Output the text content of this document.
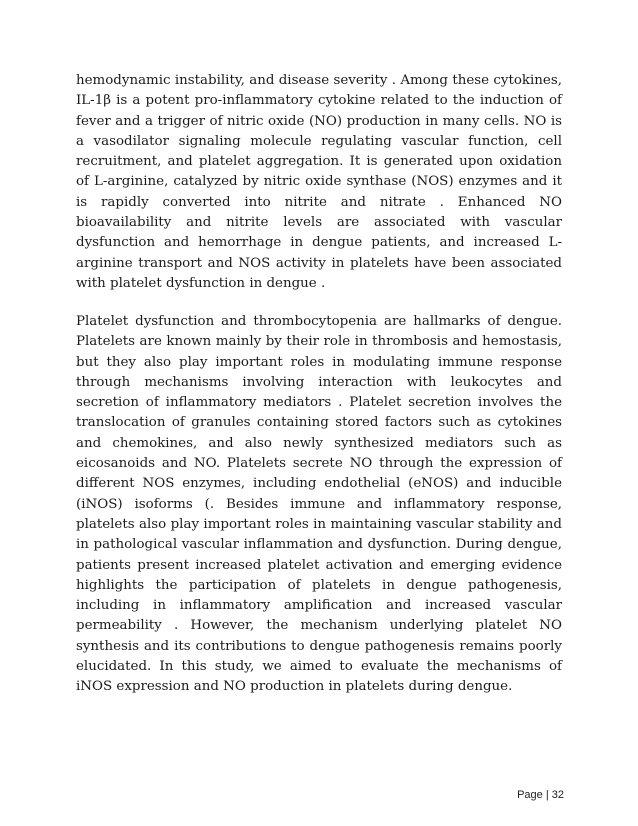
hemodynamic instability, and disease severity . Among these cytokines, IL-1β is a potent pro-inflammatory cytokine related to the induction of fever and a trigger of nitric oxide (NO) production in many cells. NO is a vasodilator signaling molecule regulating vascular function, cell recruitment, and platelet aggregation. It is generated upon oxidation of L-arginine, catalyzed by nitric oxide synthase (NOS) enzymes and it is rapidly converted into nitrite and nitrate . Enhanced NO bioavailability and nitrite levels are associated with vascular dysfunction and hemorrhage in dengue patients, and increased L-arginine transport and NOS activity in platelets have been associated with platelet dysfunction in dengue .

Platelet dysfunction and thrombocytopenia are hallmarks of dengue. Platelets are known mainly by their role in thrombosis and hemostasis, but they also play important roles in modulating immune response through mechanisms involving interaction with leukocytes and secretion of inflammatory mediators . Platelet secretion involves the translocation of granules containing stored factors such as cytokines and chemokines, and also newly synthesized mediators such as eicosanoids and NO. Platelets secrete NO through the expression of different NOS enzymes, including endothelial (eNOS) and inducible (iNOS) isoforms (. Besides immune and inflammatory response, platelets also play important roles in maintaining vascular stability and in pathological vascular inflammation and dysfunction. During dengue, patients present increased platelet activation and emerging evidence highlights the participation of platelets in dengue pathogenesis, including in inflammatory amplification and increased vascular permeability . However, the mechanism underlying platelet NO synthesis and its contributions to dengue pathogenesis remains poorly elucidated. In this study, we aimed to evaluate the mechanisms of iNOS expression and NO production in platelets during dengue.

Page | 32
